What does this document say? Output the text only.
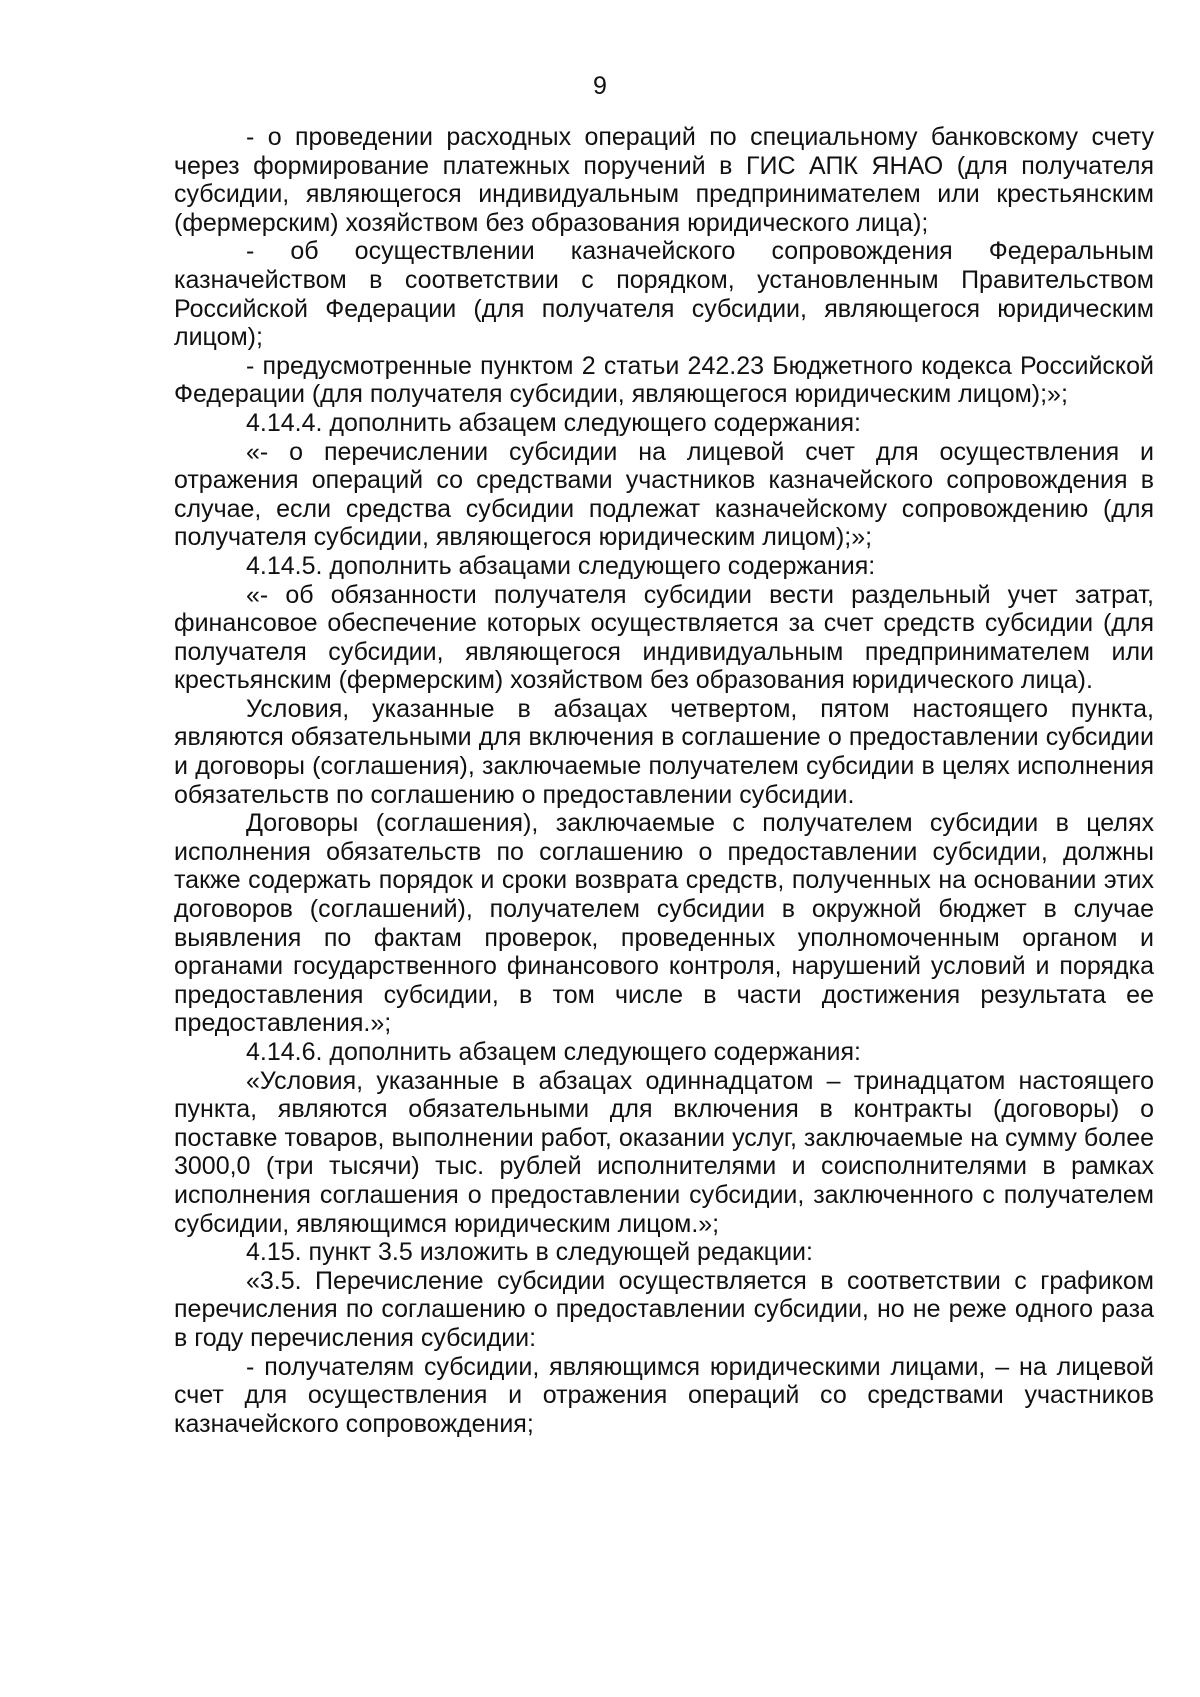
9

- о проведении расходных операций по специальному банковскому счету через формирование платежных поручений в ГИС АПК ЯНАО (для получателя субсидии, являющегося индивидуальным предпринимателем или крестьянским (фермерским) хозяйством без образования юридического лица);

- об осуществлении казначейского сопровождения Федеральным казначейством в соответствии с порядком, установленным Правительством Российской Федерации (для получателя субсидии, являющегося юридическим лицом);

- предусмотренные пунктом 2 статьи 242.23 Бюджетного кодекса Российской Федерации (для получателя субсидии, являющегося юридическим лицом);»;

4.14.4. дополнить абзацем следующего содержания:

«- о перечислении субсидии на лицевой счет для осуществления и отражения операций со средствами участников казначейского сопровождения в случае, если средства субсидии подлежат казначейскому сопровождению (для получателя субсидии, являющегося юридическим лицом);»;

4.14.5. дополнить абзацами следующего содержания:

«- об обязанности получателя субсидии вести раздельный учет затрат, финансовое обеспечение которых осуществляется за счет средств субсидии (для получателя субсидии, являющегося индивидуальным предпринимателем или крестьянским (фермерским) хозяйством без образования юридического лица).

Условия, указанные в абзацах четвертом, пятом настоящего пункта, являются обязательными для включения в соглашение о предоставлении субсидии и договоры (соглашения), заключаемые получателем субсидии в целях исполнения обязательств по соглашению о предоставлении субсидии.

Договоры (соглашения), заключаемые с получателем субсидии в целях исполнения обязательств по соглашению о предоставлении субсидии, должны также содержать порядок и сроки возврата средств, полученных на основании этих договоров (соглашений), получателем субсидии в окружной бюджет в случае выявления по фактам проверок, проведенных уполномоченным органом и органами государственного финансового контроля, нарушений условий и порядка предоставления субсидии, в том числе в части достижения результата ее предоставления.»;

4.14.6. дополнить абзацем следующего содержания:

«Условия, указанные в абзацах одиннадцатом – тринадцатом настоящего пункта, являются обязательными для включения в контракты (договоры) о поставке товаров, выполнении работ, оказании услуг, заключаемые на сумму более 3000,0 (три тысячи) тыс. рублей исполнителями и соисполнителями в рамках исполнения соглашения о предоставлении субсидии, заключенного с получателем субсидии, являющимся юридическим лицом.»;

4.15. пункт 3.5 изложить в следующей редакции:

«3.5. Перечисление субсидии осуществляется в соответствии с графиком перечисления по соглашению о предоставлении субсидии, но не реже одного раза в году перечисления субсидии:

- получателям субсидии, являющимся юридическими лицами, – на лицевой счет для осуществления и отражения операций со средствами участников казначейского сопровождения;
